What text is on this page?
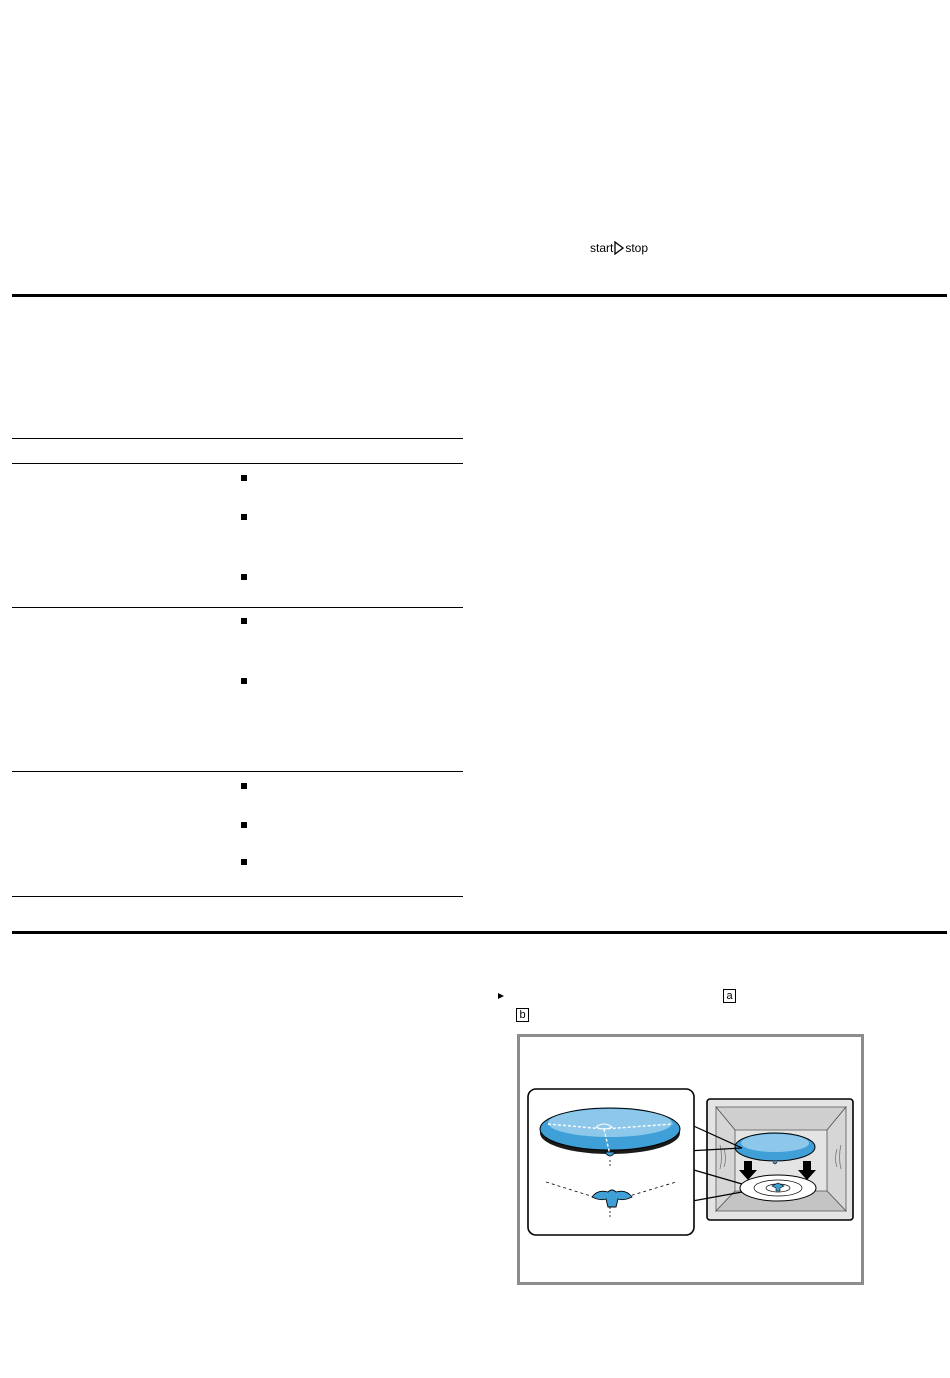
start stop
a
b
